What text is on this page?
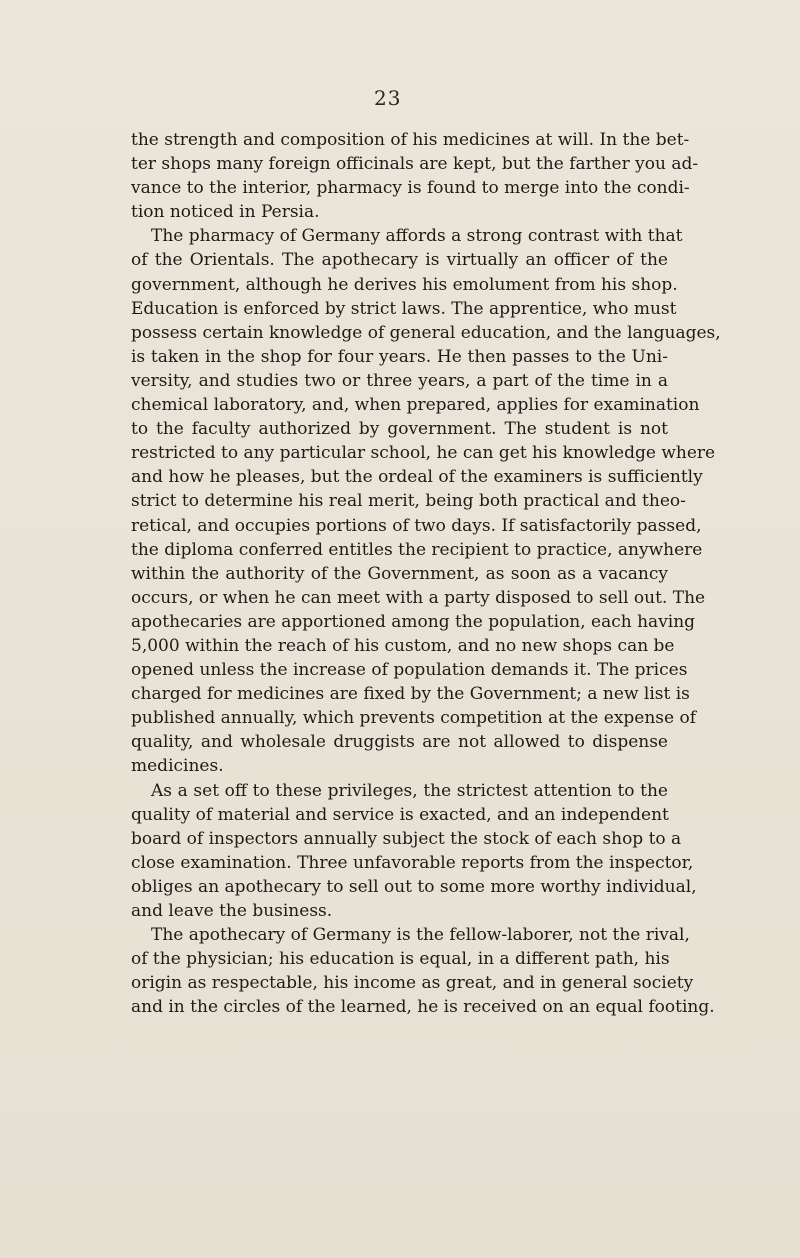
23
the strength and composition of his medicines at will. In the bet-
ter shops many foreign officinals are kept, but the farther you ad-
vance to the interior, pharmacy is found to merge into the condi-
tion noticed in Persia.
The pharmacy of Germany affords a strong contrast with that
of the Orientals. The apothecary is virtually an officer of the
government, although he derives his emolument from his shop.
Education is enforced by strict laws. The apprentice, who must
possess certain knowledge of general education, and the languages,
is taken in the shop for four years. He then passes to the Uni-
versity, and studies two or three years, a part of the time in a
chemical laboratory, and, when prepared, applies for examination
to the faculty authorized by government. The student is not
restricted to any particular school, he can get his knowledge where
and how he pleases, but the ordeal of the examiners is sufficiently
strict to determine his real merit, being both practical and theo-
retical, and occupies portions of two days. If satisfactorily passed,
the diploma conferred entitles the recipient to practice, anywhere
within the authority of the Government, as soon as a vacancy
occurs, or when he can meet with a party disposed to sell out. The
apothecaries are apportioned among the population, each having
5,000 within the reach of his custom, and no new shops can be
opened unless the increase of population demands it. The prices
charged for medicines are fixed by the Government; a new list is
published annually, which prevents competition at the expense of
quality, and wholesale druggists are not allowed to dispense
medicines.
As a set off to these privileges, the strictest attention to the
quality of material and service is exacted, and an independent
board of inspectors annually subject the stock of each shop to a
close examination. Three unfavorable reports from the inspector,
obliges an apothecary to sell out to some more worthy individual,
and leave the business.
The apothecary of Germany is the fellow-laborer, not the rival,
of the physician; his education is equal, in a different path, his
origin as respectable, his income as great, and in general society
and in the circles of the learned, he is received on an equal footing.
